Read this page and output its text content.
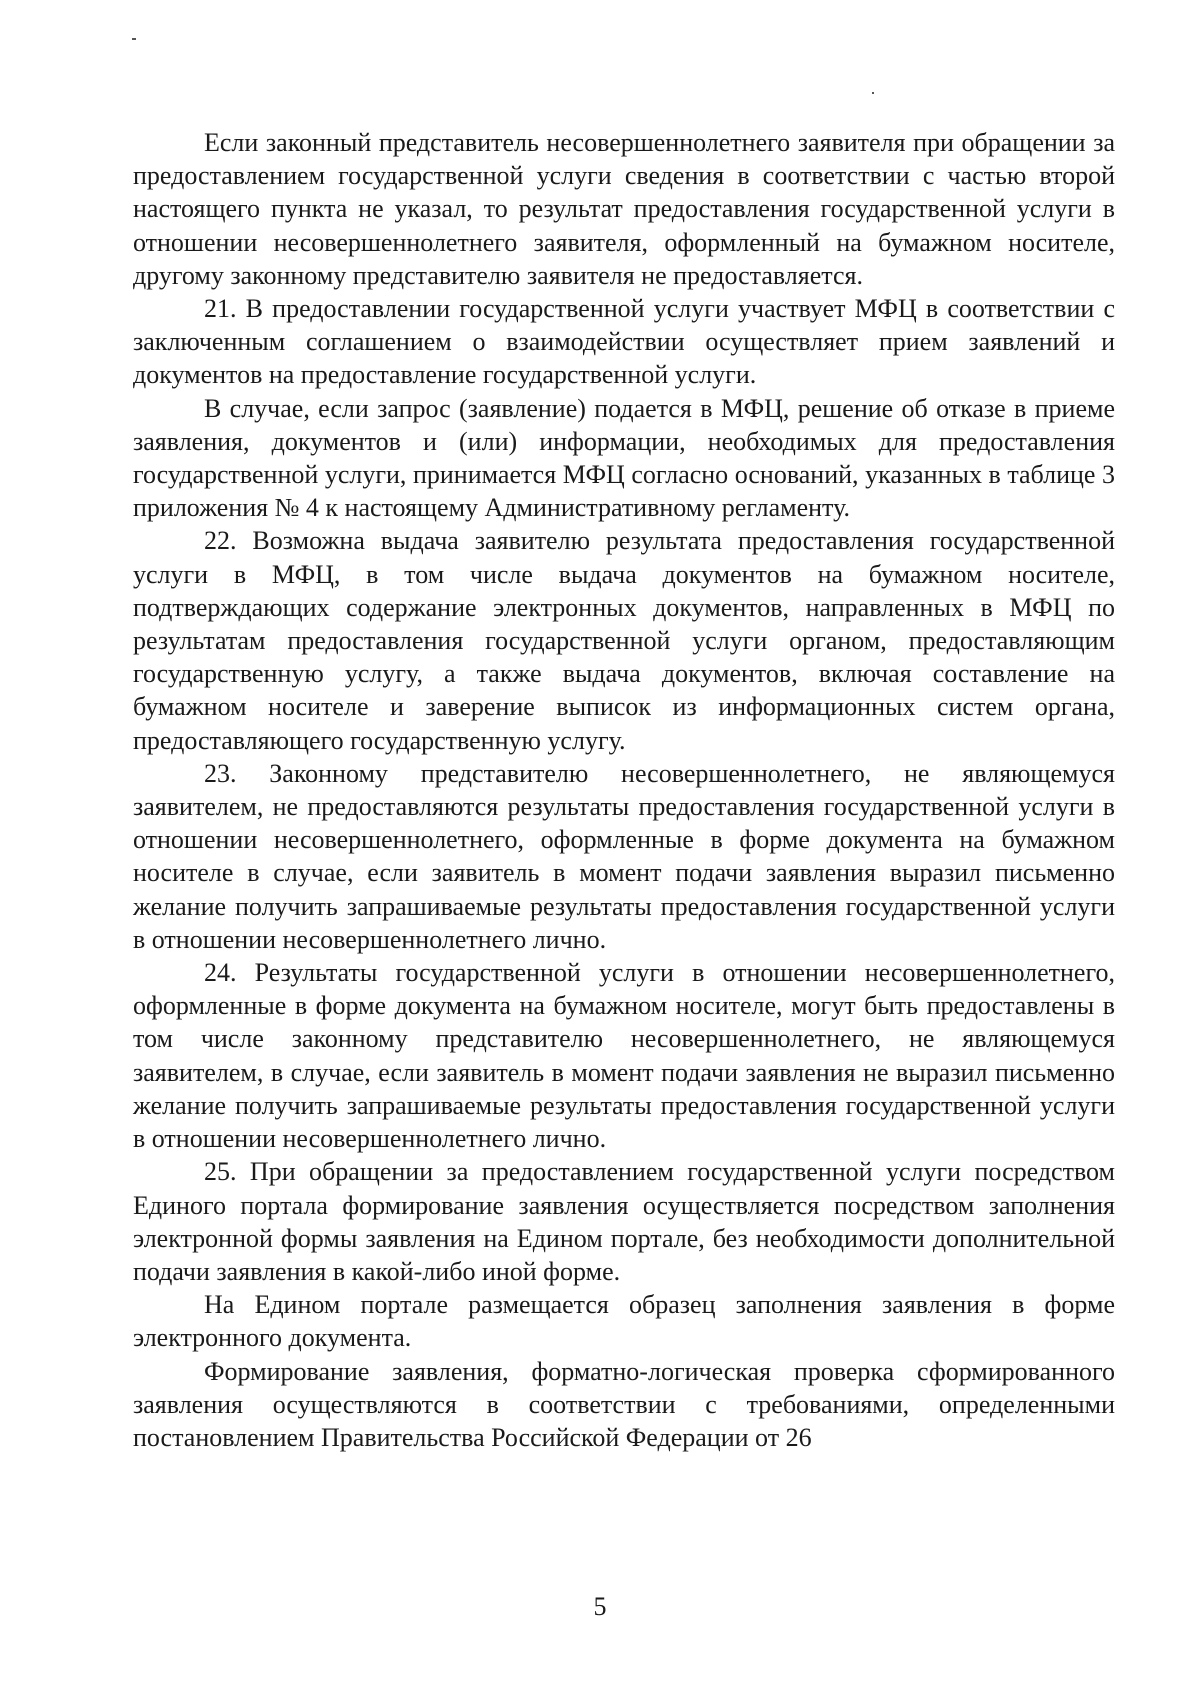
Если законный представитель несовершеннолетнего заявителя при обращении за предоставлением государственной услуги сведения в соответствии с частью второй настоящего пункта не указал, то результат предоставления государственной услуги в отношении несовершеннолетнего заявителя, оформленный на бумажном носителе, другому законному представителю заявителя не предоставляется.

21. В предоставлении государственной услуги участвует МФЦ в соответствии с заключенным соглашением о взаимодействии осуществляет прием заявлений и документов на предоставление государственной услуги.

В случае, если запрос (заявление) подается в МФЦ, решение об отказе в приеме заявления, документов и (или) информации, необходимых для предоставления государственной услуги, принимается МФЦ согласно оснований, указанных в таблице 3 приложения № 4 к настоящему Административному регламенту.

22. Возможна выдача заявителю результата предоставления государственной услуги в МФЦ, в том числе выдача документов на бумажном носителе, подтверждающих содержание электронных документов, направленных в МФЦ по результатам предоставления государственной услуги органом, предоставляющим государственную услугу, а также выдача документов, включая составление на бумажном носителе и заверение выписок из информационных систем органа, предоставляющего государственную услугу.

23. Законному представителю несовершеннолетнего, не являющемуся заявителем, не предоставляются результаты предоставления государственной услуги в отношении несовершеннолетнего, оформленные в форме документа на бумажном носителе в случае, если заявитель в момент подачи заявления выразил письменно желание получить запрашиваемые результаты предоставления государственной услуги в отношении несовершеннолетнего лично.

24. Результаты государственной услуги в отношении несовершеннолетнего, оформленные в форме документа на бумажном носителе, могут быть предоставлены в том числе законному представителю несовершеннолетнего, не являющемуся заявителем, в случае, если заявитель в момент подачи заявления не выразил письменно желание получить запрашиваемые результаты предоставления государственной услуги в отношении несовершеннолетнего лично.

25. При обращении за предоставлением государственной услуги посредством Единого портала формирование заявления осуществляется посредством заполнения электронной формы заявления на Едином портале, без необходимости дополнительной подачи заявления в какой-либо иной форме.

На Едином портале размещается образец заполнения заявления в форме электронного документа.

Формирование заявления, форматно-логическая проверка сформированного заявления осуществляются в соответствии с требованиями, определенными постановлением Правительства Российской Федерации от 26

5
